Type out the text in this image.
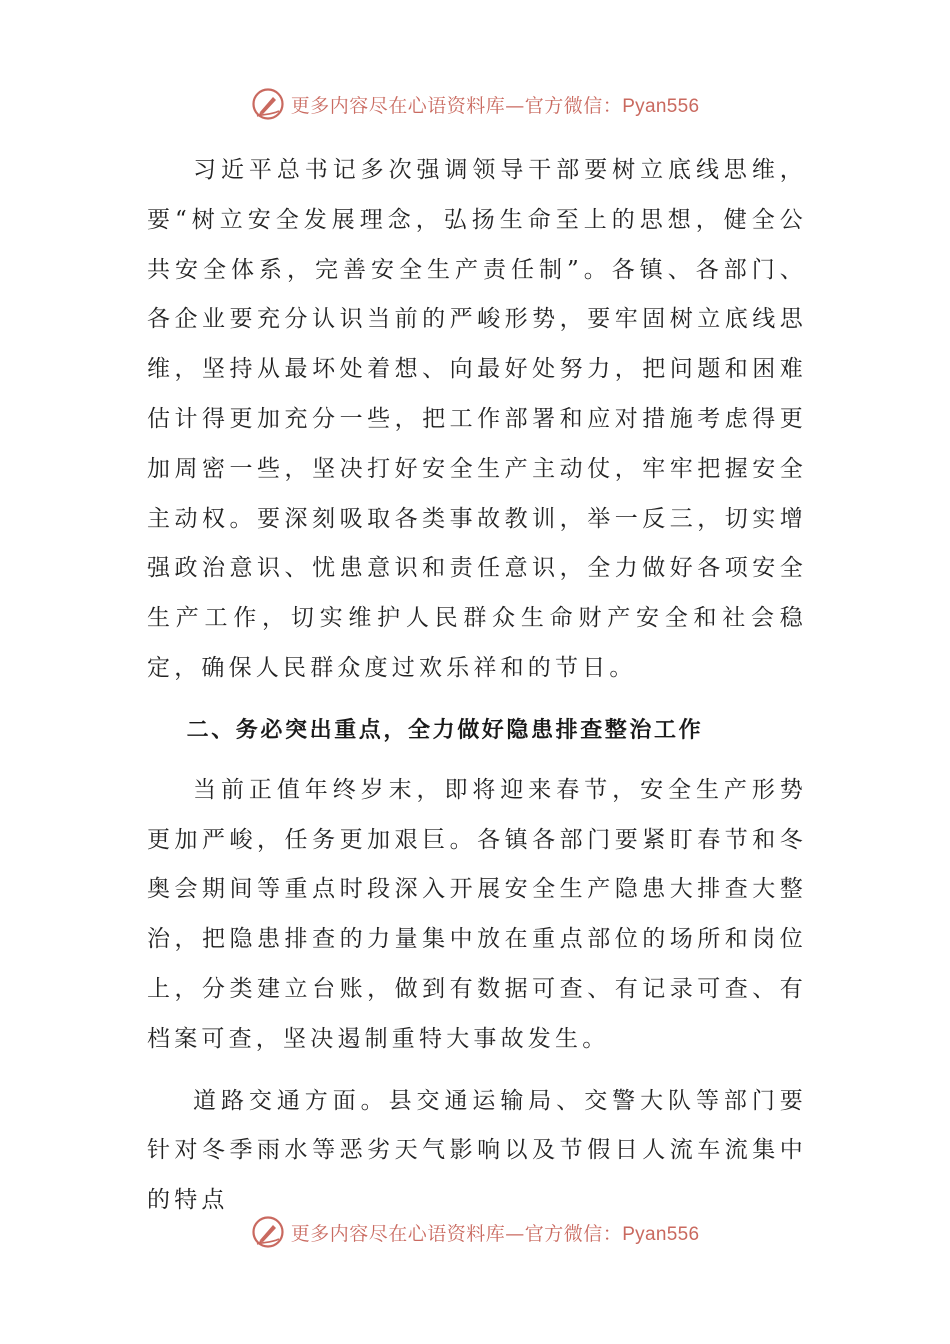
更多内容尽在心语资料库—官方微信：Pyan556

习近平总书记多次强调领导干部要树立底线思维，要“树立安全发展理念，弘扬生命至上的思想，健全公共安全体系，完善安全生产责任制”。各镇、各部门、各企业要充分认识当前的严峻形势，要牢固树立底线思维，坚持从最坏处着想、向最好处努力，把问题和困难估计得更加充分一些，把工作部署和应对措施考虑得更加周密一些，坚决打好安全生产主动仗，牢牢把握安全主动权。要深刻吸取各类事故教训，举一反三，切实增强政治意识、忧患意识和责任意识，全力做好各项安全生产工作，切实维护人民群众生命财产安全和社会稳定，确保人民群众度过欢乐祥和的节日。

二、务必突出重点，全力做好隐患排查整治工作

当前正值年终岁末，即将迎来春节，安全生产形势更加严峻，任务更加艰巨。各镇各部门要紧盯春节和冬奥会期间等重点时段深入开展安全生产隐患大排查大整治，把隐患排查的力量集中放在重点部位的场所和岗位上，分类建立台账，做到有数据可查、有记录可查、有档案可查，坚决遏制重特大事故发生。

道路交通方面。县交通运输局、交警大队等部门要针对冬季雨水等恶劣天气影响以及节假日人流车流集中的特点

更多内容尽在心语资料库—官方微信：Pyan556
